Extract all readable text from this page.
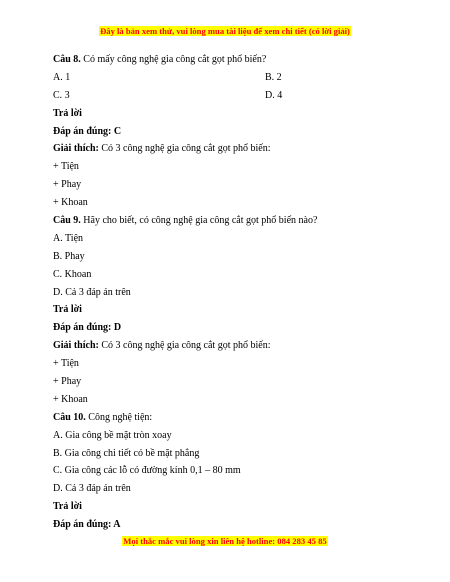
Đây là bản xem thử, vui lòng mua tài liệu để xem chi tiết (có lời giải)
Câu 8. Có mấy công nghệ gia công cắt gọt phổ biến?
A. 1	B. 2
C. 3	D. 4
Trả lời
Đáp án đúng: C
Giải thích: Có 3 công nghệ gia công cắt gọt phổ biến:
+ Tiện
+ Phay
+ Khoan
Câu 9. Hãy cho biết, có công nghệ gia công cắt gọt phổ biến nào?
A. Tiện
B. Phay
C. Khoan
D. Cả 3 đáp án trên
Trả lời
Đáp án đúng: D
Giải thích: Có 3 công nghệ gia công cắt gọt phổ biến:
+ Tiện
+ Phay
+ Khoan
Câu 10. Công nghệ tiện:
A. Gia công bề mặt tròn xoay
B. Gia công chi tiết có bề mặt phẳng
C. Gia công các lỗ có đường kính 0,1 – 80 mm
D. Cả 3 đáp án trên
Trả lời
Đáp án đúng: A
Mọi thắc mắc vui lòng xin liên hệ hotline: 084 283 45 85
